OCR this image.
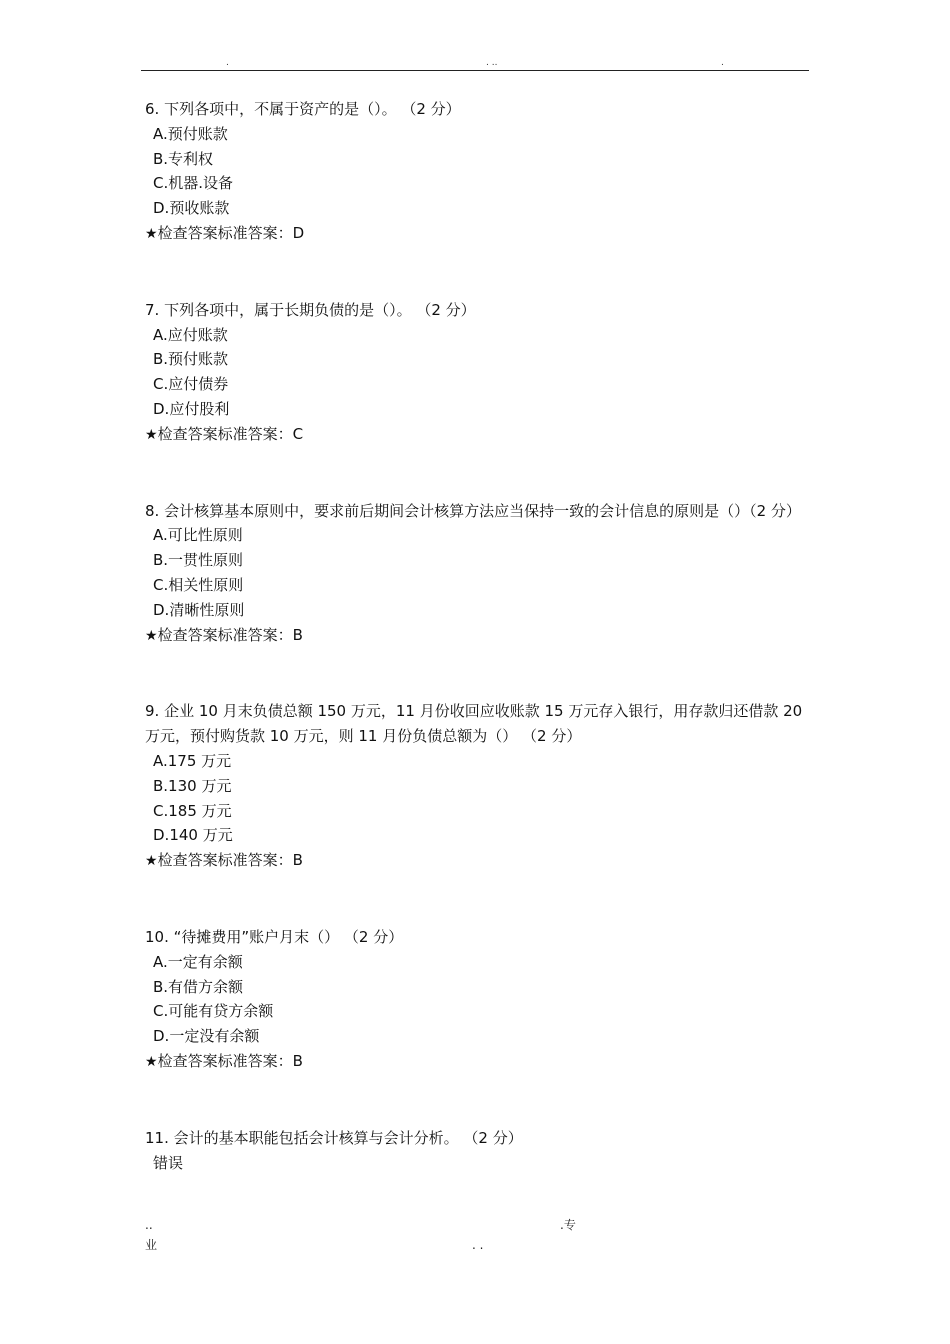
.	. ..	.
6. 下列各项中，不属于资产的是（）。 （2 分）
A.预付账款
B.专利权
C.机器.设备
D.预收账款
★检查答案标准答案：D
7. 下列各项中，属于长期负债的是（）。 （2 分）
A.应付账款
B.预付账款
C.应付债券
D.应付股利
★检查答案标准答案：C
8. 会计核算基本原则中，要求前后期间会计核算方法应当保持一致的会计信息的原则是（）（2 分）
A.可比性原则
B.一贯性原则
C.相关性原则
D.清晰性原则
★检查答案标准答案：B
9. 企业 10 月末负债总额 150 万元，11 月份收回应收账款 15 万元存入银行，用存款归还借款 20 万元，预付购货款 10 万元，则 11 月份负债总额为（） （2 分）
A.175 万元
B.130 万元
C.185 万元
D.140 万元
★检查答案标准答案：B
10. “待摊费用”账户月末（） （2 分）
A.一定有余额
B.有借方余额
C.可能有贷方余额
D.一定没有余额
★检查答案标准答案：B
11. 会计的基本职能包括会计核算与会计分析。 （2 分）
错误
..
业	. .
.专
